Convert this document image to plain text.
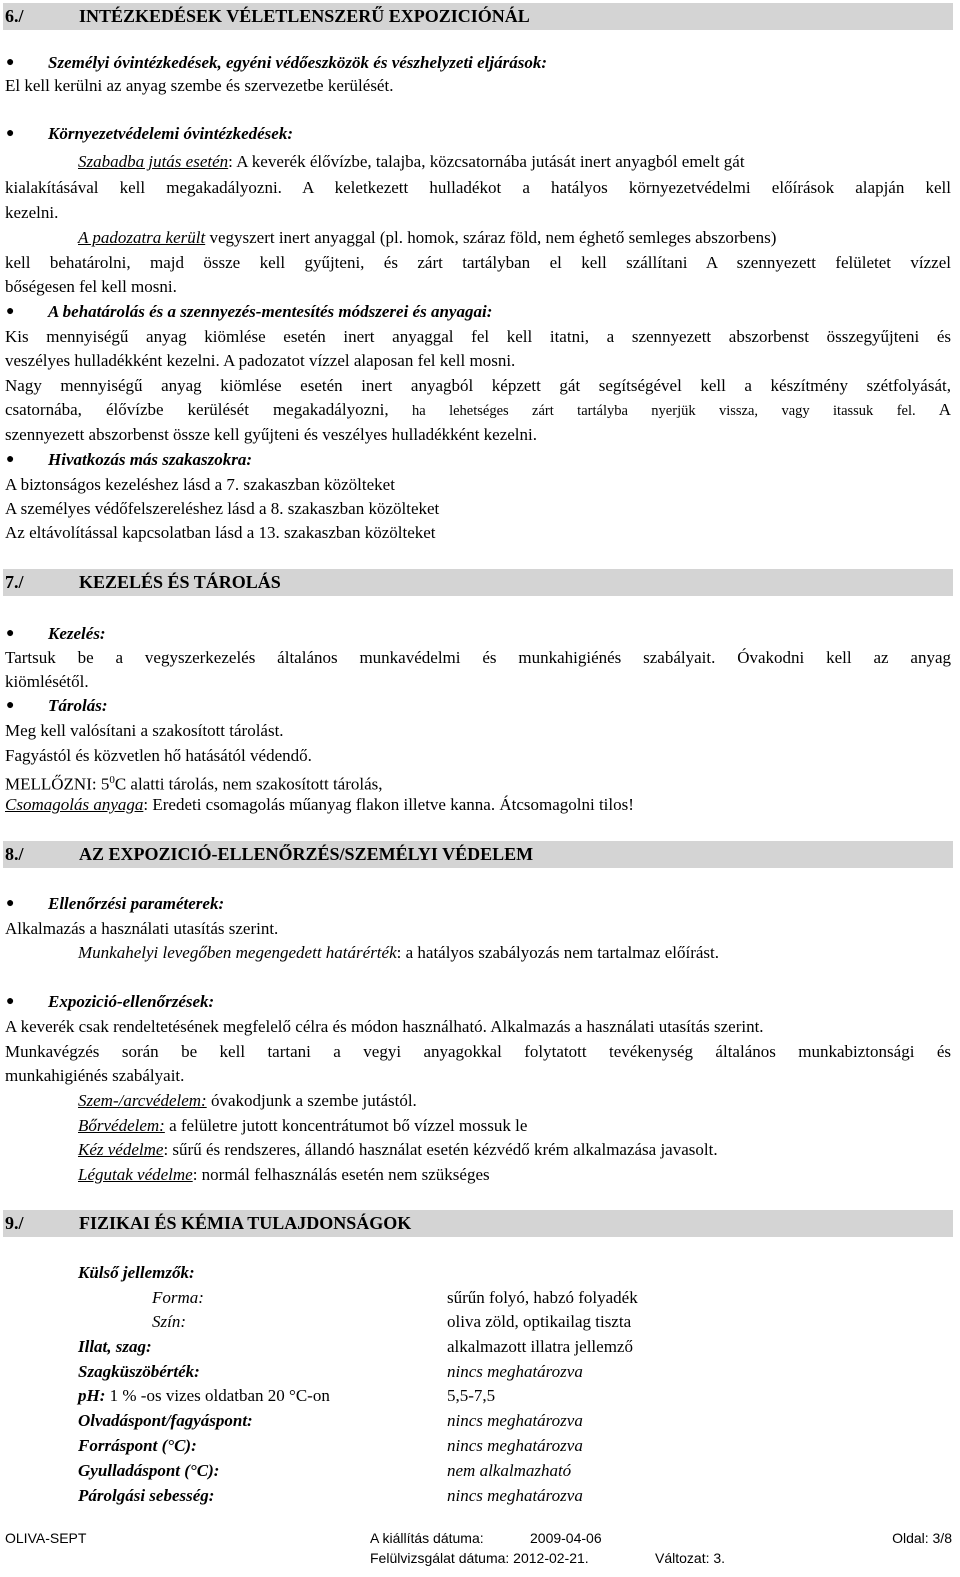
6./	INTÉZKEDÉSEK VÉLETLENSZERŰ EXPOZICIÓNÁL
● Személyi óvintézkedések, egyéni védőeszközök és vészhelyzeti eljárások:
El kell kerülni az anyag szembe és szervezetbe kerülését.
● Környezetvédelemi óvintézkedések:
Szabadba jutás esetén: A keverék élővízbe, talajba, közcsatornába jutását inert anyagból emelt gát
kialakításával kell megakadályozni. A keletkezett hulladékot a hatályos környezetvédelmi előírások alapján kell
kezelni.
A padozatra került vegyszert inert anyaggal (pl. homok, száraz föld, nem éghető semleges abszorbens)
kell behatárolni, majd össze kell gyűjteni, és zárt tartályban el kell szállítani A szennyezett felületet vízzel
bőségesen fel kell mosni.
● A behatárolás és a szennyezés-mentesítés módszerei és anyagai:
Kis mennyiségű anyag kiömlése esetén inert anyaggal fel kell itatni, a szennyezett abszorbenst összegyűjteni és
veszélyes hulladékként kezelni. A padozatot vízzel alaposan fel kell mosni.
Nagy mennyiségű anyag kiömlése esetén inert anyagból képzett gát segítségével kell a készítmény szétfolyását,
csatornába, élővízbe kerülését megakadályozni, ha lehetséges zárt tartályba nyerjük vissza, vagy itassuk fel. A
szennyezett abszorbenst össze kell gyűjteni és veszélyes hulladékként kezelni.
● Hivatkozás más szakaszokra:
A biztonságos kezeléshez lásd a 7. szakaszban közölteket
A személyes védőfelszereléshez lásd a 8. szakaszban közölteket
Az eltávolítással kapcsolatban lásd a 13. szakaszban közölteket
7./	KEZELÉS ÉS TÁROLÁS
● Kezelés:
Tartsuk be a vegyszerkezelés általános munkavédelmi és munkahigiénés szabályait. Óvakodni kell az anyag
kiömlésétől.
● Tárolás:
Meg kell valósítani a szakosított tárolást.
Fagyástól és közvetlen hő hatásától védendő.
MELLŐZNI: $5^0C$ alatti tárolás, nem szakosított tárolás,
Csomagolás anyaga: Eredeti csomagolás műanyag flakon illetve kanna. Átcsomagolni tilos!
8./	AZ EXPOZICIÓ-ELLENŐRZÉS/SZEMÉLYI VÉDELEM
● Ellenőrzési paraméterek:
Alkalmazás a használati utasítás szerint.
Munkahelyi levegőben megengedett határérték: a hatályos szabályozás nem tartalmaz előírást.
● Expozició-ellenőrzések:
A keverék csak rendeltetésének megfelelő célra és módon használható. Alkalmazás a használati utasítás szerint.
Munkavégzés során be kell tartani a vegyi anyagokkal folytatott tevékenység általános munkabiztonsági és
munkahigiénés szabályait.
Szem-/arcvédelem: óvakodjunk a szembe jutástól.
Bőrvédelem: a felületre jutott koncentrátumot bő vízzel mossuk le
Kéz védelme: sűrű és rendszeres, állandó használat esetén kézvédő krém alkalmazása javasolt.
Légutak védelme: normál felhasználás esetén nem szükséges
9./	FIZIKAI ÉS KÉMIA TULAJDONSÁGOK
Külső jellemzők:
Forma:	sűrűn folyó, habzó folyadék
Szín:	oliva zöld, optikailag tiszta
Illat, szag:	alkalmazott illatra jellemző
Szagküszöbérték:	nincs meghatározva
pH: 1 % -os vizes oldatban 20 °C-on	5,5-7,5
Olvadáspont/fagyáspont:	nincs meghatározva
Forráspont (°C):	nincs meghatározva
Gyulladáspont (°C):	nem alkalmazható
Párolgási sebesség:	nincs meghatározva
OLIVA-SEPT	A kiállítás dátuma:	2009-04-06	Oldal: 3/8
Felülvizsgálat dátuma: 2012-02-21.	Változat: 3.
